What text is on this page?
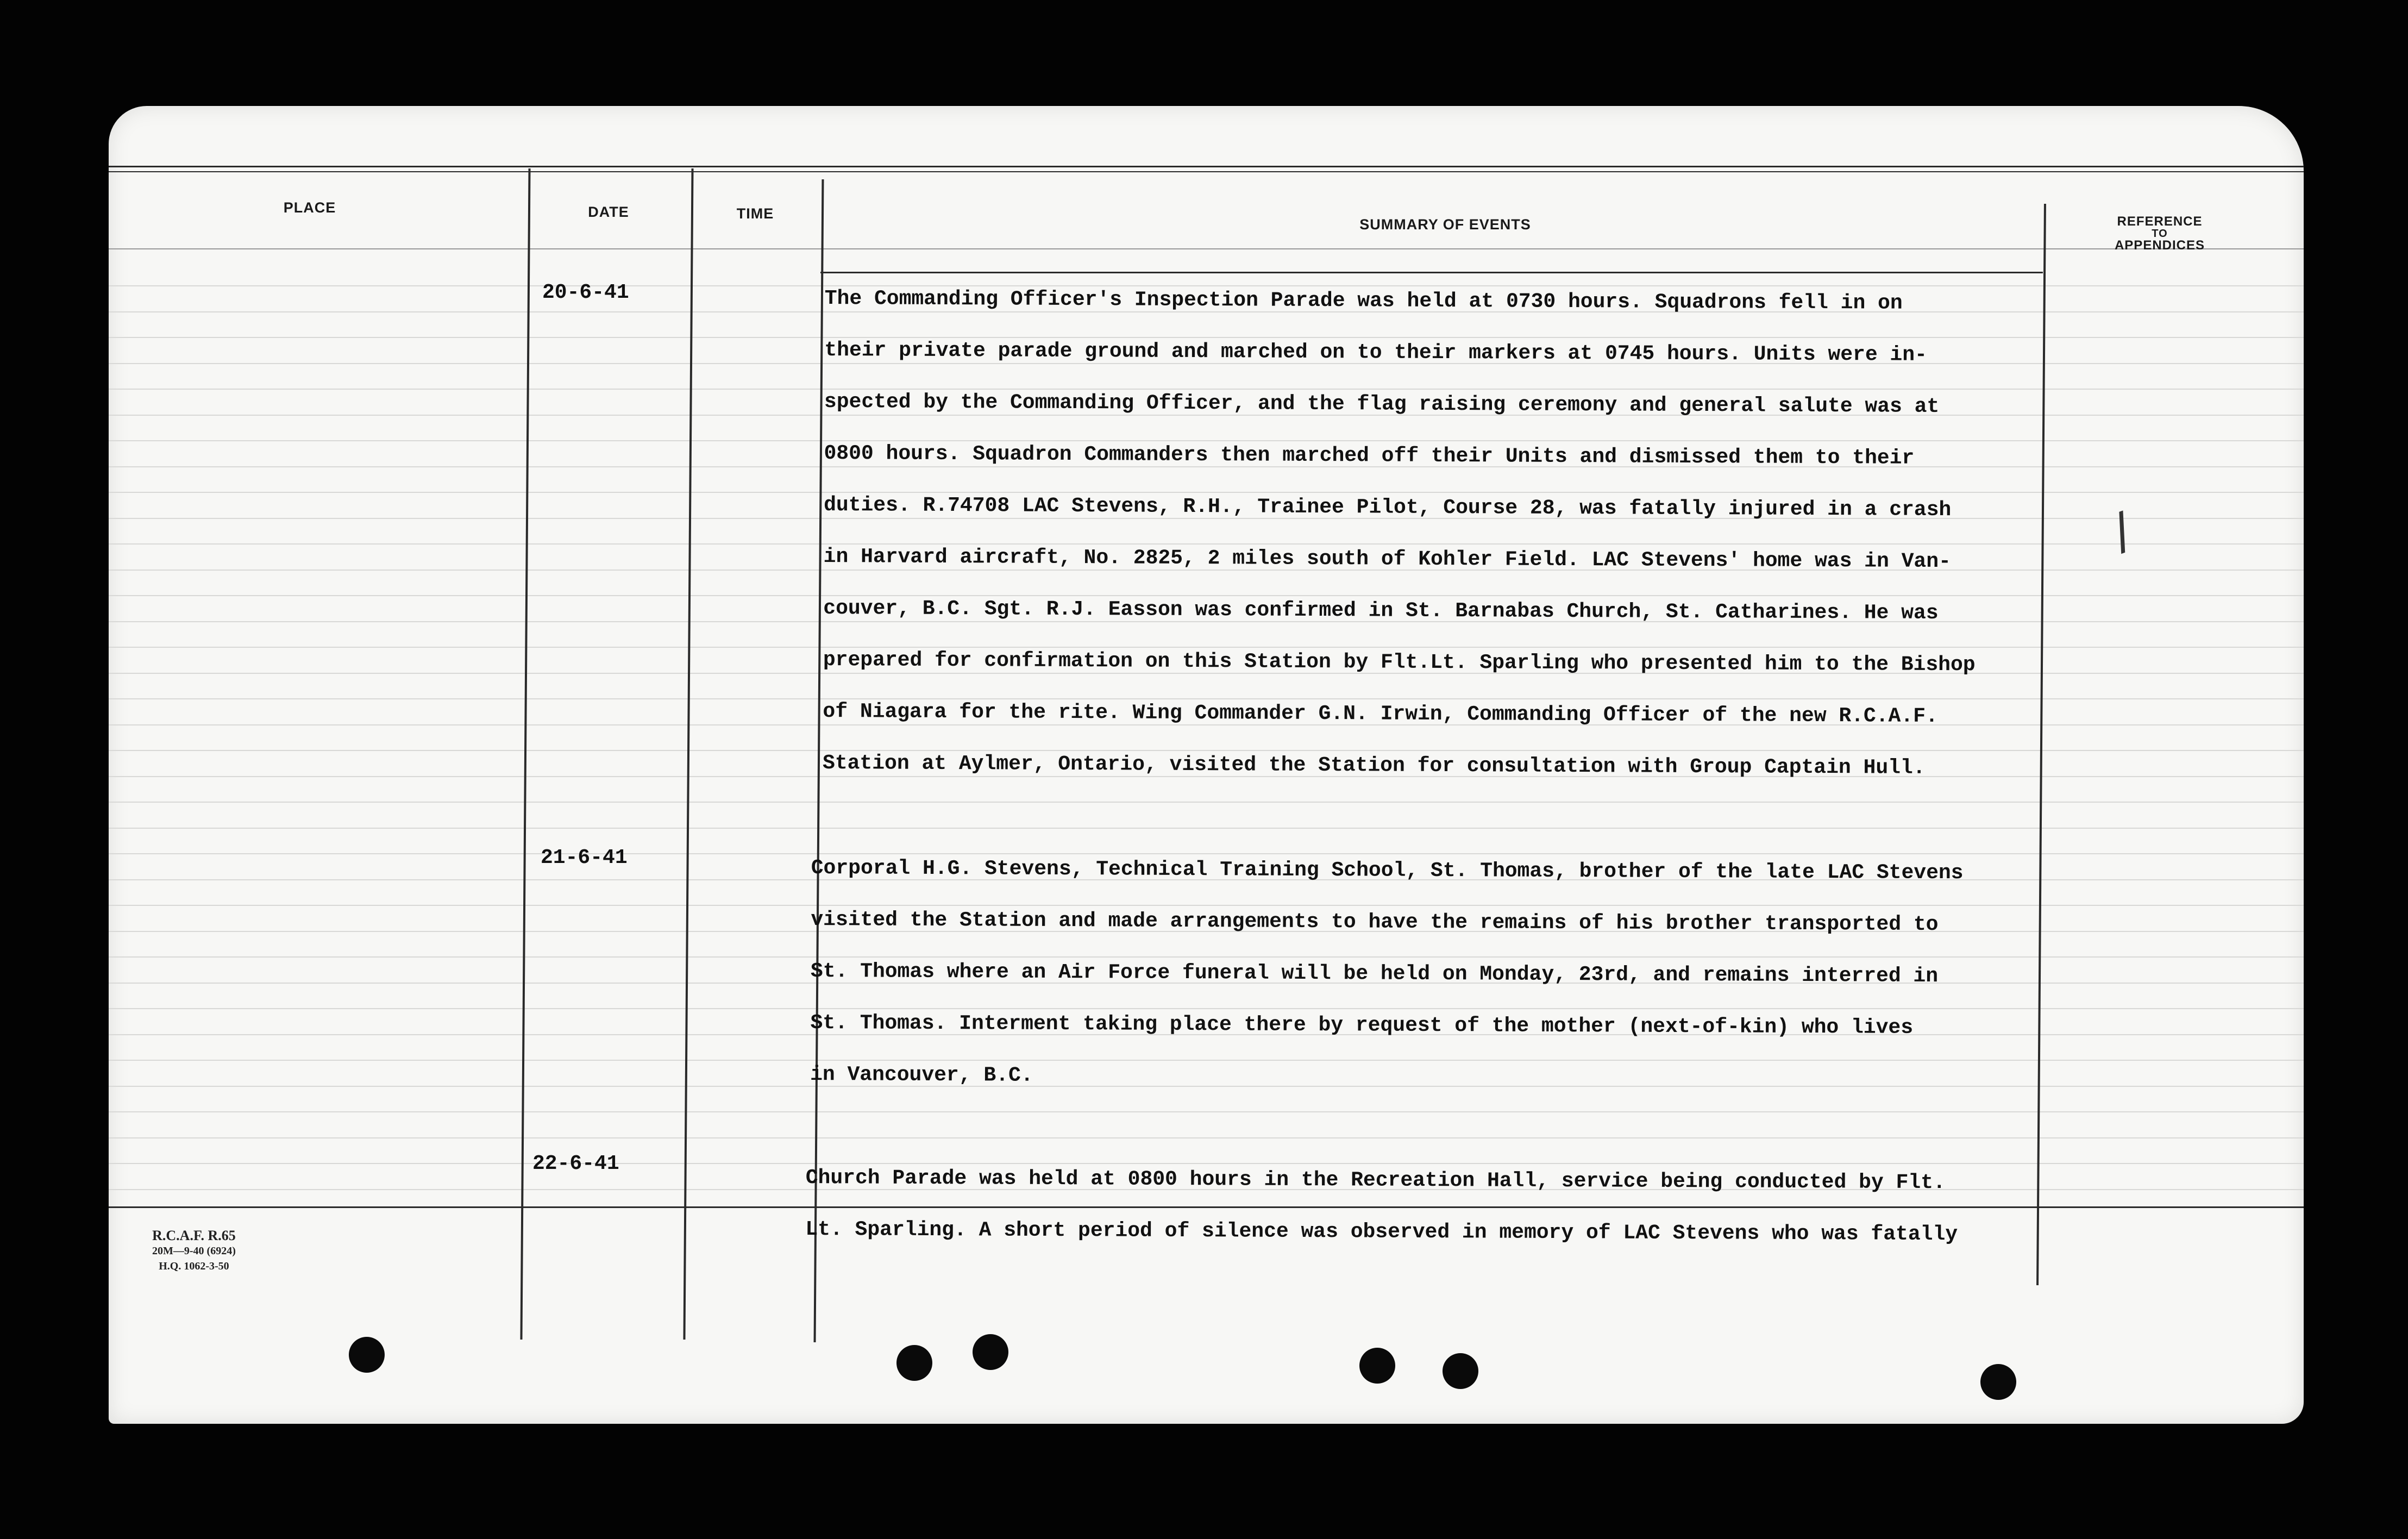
PLACE	DATE	TIME
SUMMARY OF EVENTS	REFERENCE
TO
APPENDICES
20-6-41	The Commanding Officer's Inspection Parade was held at 0730 hours. Squadrons fell in on
their private parade ground and marched on to their markers at 0745 hours. Units were in-
spected by the Commanding Officer, and the flag raising ceremony and general salute was at
0800 hours. Squadron Commanders then marched off their Units and dismissed them to their
duties. R.74708 LAC Stevens, R.H., Trainee Pilot, Course 28, was fatally injured in a crash
in Harvard aircraft, No. 2825, 2 miles south of Kohler Field. LAC Stevens' home was in Van-
couver, B.C. Sgt. R.J. Easson was confirmed in St. Barnabas Church, St. Catharines. He was
prepared for confirmation on this Station by Flt.Lt. Sparling who presented him to the Bishop
of Niagara for the rite. Wing Commander G.N. Irwin, Commanding Officer of the new R.C.A.F.
Station at Aylmer, Ontario, visited the Station for consultation with Group Captain Hull.
21-6-41	Corporal H.G. Stevens, Technical Training School, St. Thomas, brother of the late LAC Stevens
visited the Station and made arrangements to have the remains of his brother transported to
St. Thomas where an Air Force funeral will be held on Monday, 23rd, and remains interred in
St. Thomas. Interment taking place there by request of the mother (next-of-kin) who lives
in Vancouver, B.C.
22-6-41
Church Parade was held at 0800 hours in the Recreation Hall, service being conducted by Flt.
Lt. Sparling. A short period of silence was observed in memory of LAC Stevens who was fatally
/
R.C.A.F. R.65
20M—9-40 (6924)
H.Q. 1062-3-50
